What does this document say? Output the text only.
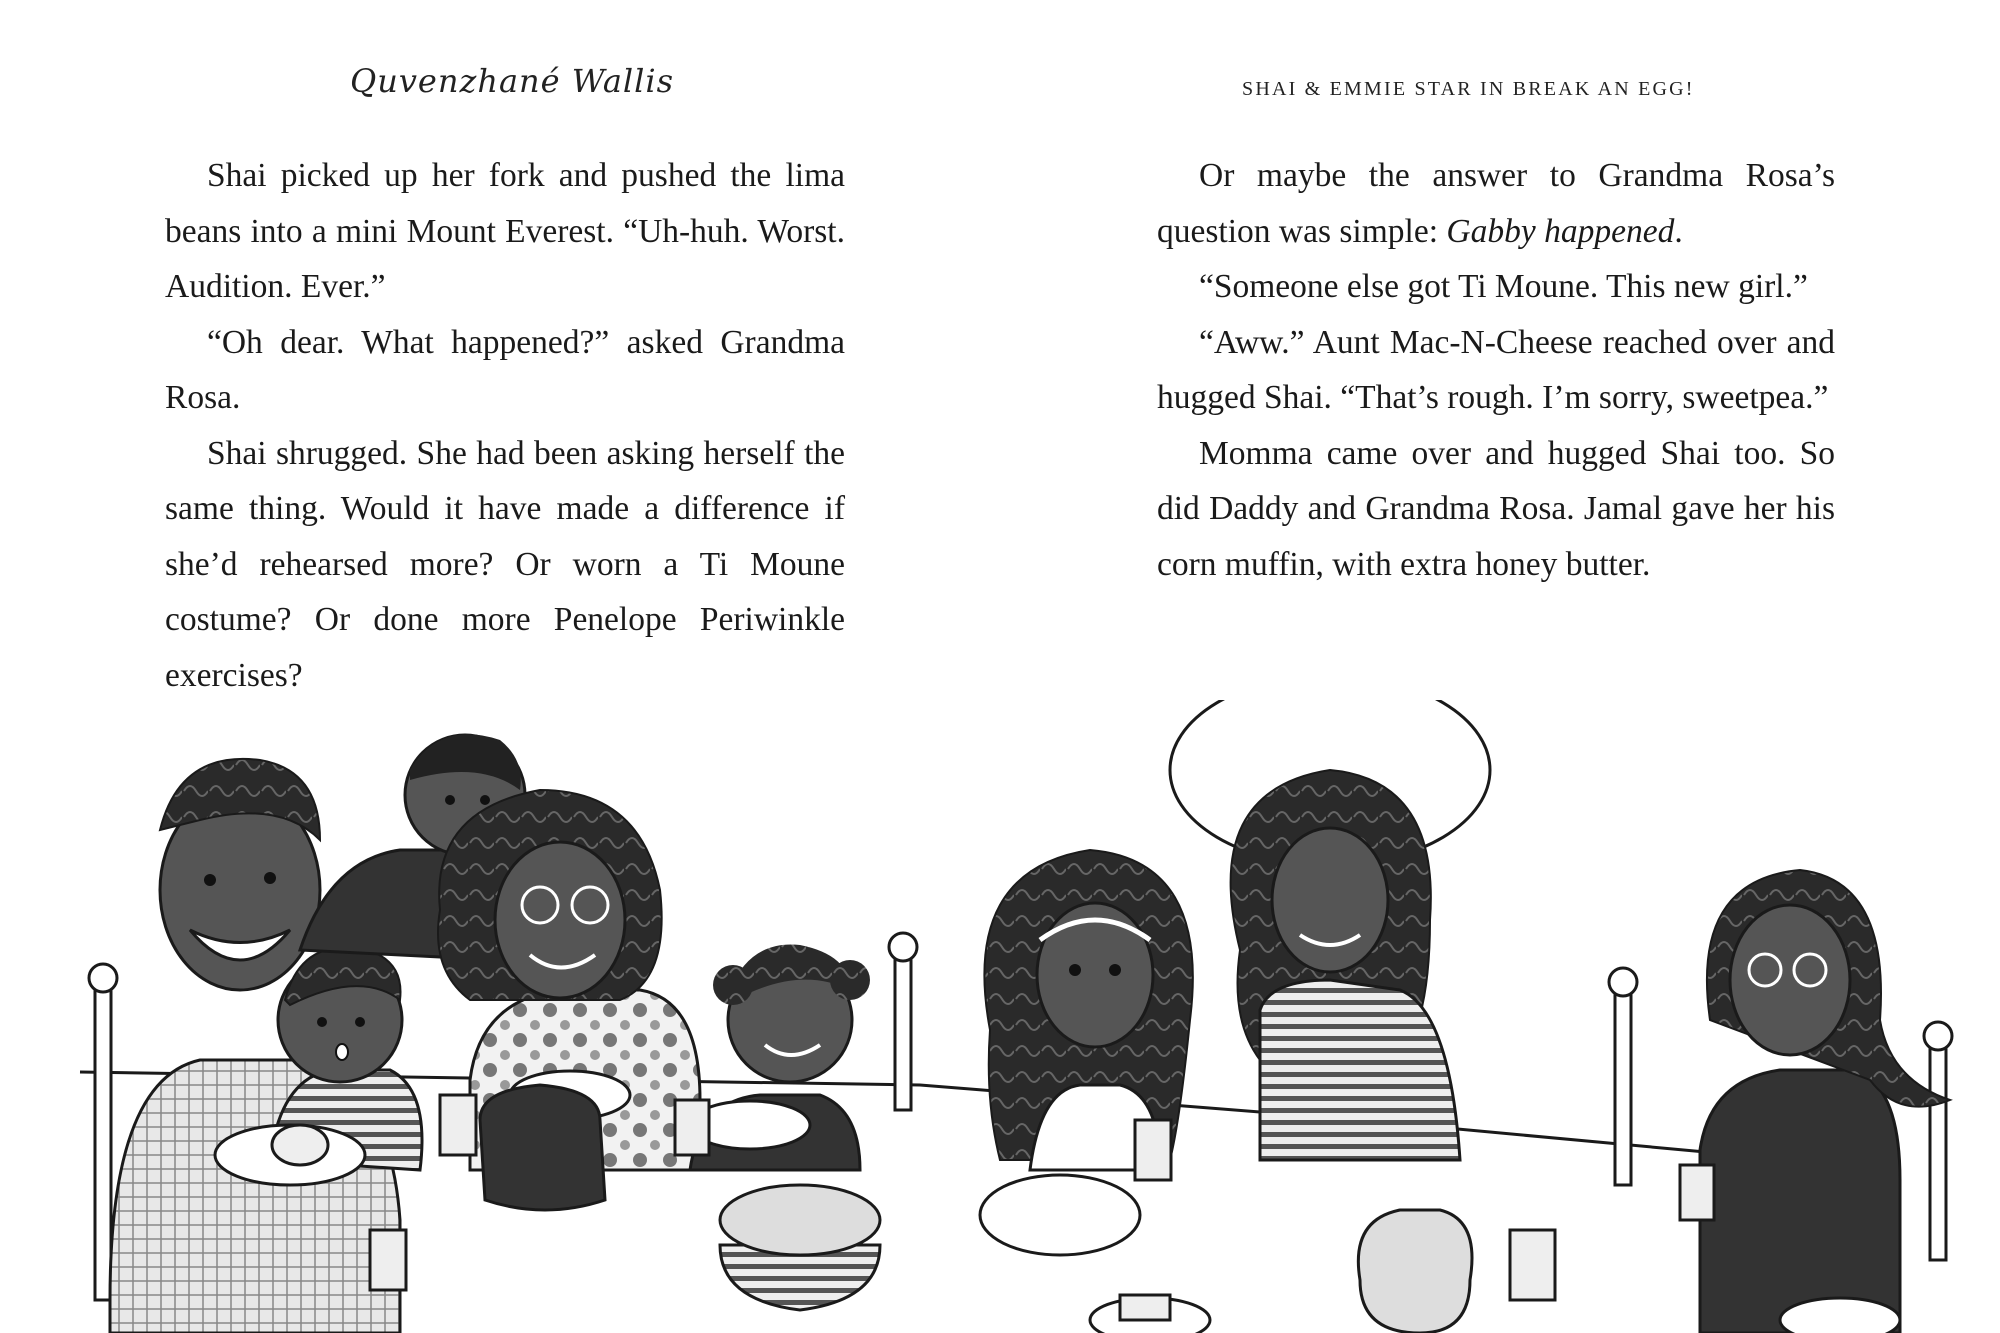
Quvenzhané Wallis

Shai picked up her fork and pushed the lima beans into a mini Mount Everest. “Uh-huh. Worst. Audition. Ever.”

“Oh dear. What happened?” asked Grandma Rosa.

Shai shrugged. She had been asking herself the same thing. Would it have made a difference if she’d rehearsed more? Or worn a Ti Moune costume? Or done more Penelope Periwinkle exercises?

SHAI & EMMIE STAR IN BREAK AN EGG!

Or maybe the answer to Grandma Rosa’s question was simple: Gabby happened.

“Someone else got Ti Moune. This new girl.”

“Aww.” Aunt Mac-N-Cheese reached over and hugged Shai. “That’s rough. I’m sorry, sweetpea.”

Momma came over and hugged Shai too. So did Daddy and Grandma Rosa. Jamal gave her his corn muffin, with extra honey butter.
